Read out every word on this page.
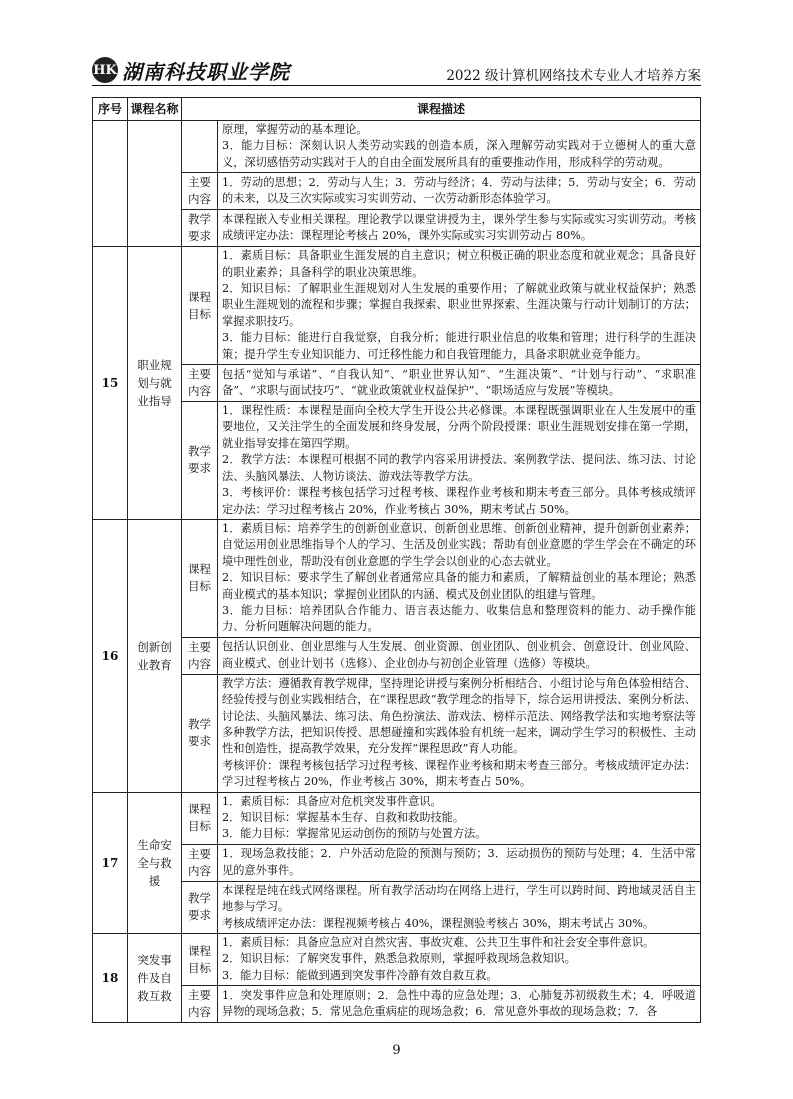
HK 湖南科技职业学院	2022 级计算机网络技术专业人才培养方案
序号	课程名称	课程描述	

			原理，掌握劳动的基本理论。

3．能力目标：深刻认识人类劳动实践的创造本质，深入理解劳动实践对于立德树人的重大意义，深切感悟劳动实践对于人的自由全面发展所具有的重要推动作用，形成科学的劳动观。

		主要内容	1．劳动的思想；2．劳动与人生；3．劳动与经济；4．劳动与法律；5．劳动与安全；6．劳动的未来，以及三次实际或实习实训劳动、一次劳动新形态体验学习。

		教学要求	本课程嵌入专业相关课程。理论教学以课堂讲授为主，课外学生参与实际或实习实训劳动。考核成绩评定办法：课程理论考核占 20%，课外实际或实习实训劳动占 80%。

15	职业规划与就业指导	课程目标	1．素质目标：具备职业生涯发展的自主意识；树立积极正确的职业态度和就业观念；具备良好的职业素养；具备科学的职业决策思维。

2．知识目标：了解职业生涯规划对人生发展的重要作用；了解就业政策与就业权益保护；熟悉职业生涯规划的流程和步骤；掌握自我探索、职业世界探索、生涯决策与行动计划制订的方法；掌握求职技巧。

3．能力目标：能进行自我觉察，自我分析；能进行职业信息的收集和管理；进行科学的生涯决策；提升学生专业知识能力、可迁移性能力和自我管理能力，具备求职就业竞争能力。

		主要内容	包括“觉知与承诺”、“自我认知”、“职业世界认知”、“生涯决策”、“计划与行动”、“求职准备”、“求职与面试技巧”、“就业政策就业权益保护”、“职场适应与发展”等模块。

		教学要求	1．课程性质：本课程是面向全校大学生开设公共必修课。本课程既强调职业在人生发展中的重要地位，又关注学生的全面发展和终身发展，分两个阶段授课：职业生涯规划安排在第一学期，就业指导安排在第四学期。

2．教学方法：本课程可根据不同的教学内容采用讲授法、案例教学法、提问法、练习法、讨论法、头脑风暴法、人物访谈法、游戏法等教学方法。

3．考核评价：课程考核包括学习过程考核、课程作业考核和期末考查三部分。具体考核成绩评定办法：学习过程考核占 20%，作业考核占 30%，期末考试占 50%。

16	创新创业教育	课程目标	1．素质目标：培养学生的创新创业意识、创新创业思维、创新创业精神，提升创新创业素养；自觉运用创业思维指导个人的学习、生活及创业实践；帮助有创业意愿的学生学会在不确定的环境中理性创业，帮助没有创业意愿的学生学会以创业的心态去就业。

2．知识目标：要求学生了解创业者通常应具备的能力和素质，了解精益创业的基本理论；熟悉商业模式的基本知识；掌握创业团队的内涵、模式及创业团队的组建与管理。

3．能力目标：培养团队合作能力、语言表达能力、收集信息和整理资料的能力、动手操作能力、分析问题解决问题的能力。

		主要内容	包括认识创业、创业思维与人生发展、创业资源、创业团队、创业机会、创意设计、创业风险、商业模式、创业计划书（选修）、企业创办与初创企业管理（选修）等模块。

		教学要求	教学方法：遵循教育教学规律，坚持理论讲授与案例分析相结合、小组讨论与角色体验相结合、经验传授与创业实践相结合，在“课程思政”教学理念的指导下，综合运用讲授法、案例分析法、讨论法、头脑风暴法、练习法、角色扮演法、游戏法、榜样示范法、网络教学法和实地考察法等多种教学方法，把知识传授、思想碰撞和实践体验有机统一起来，调动学生学习的积极性、主动性和创造性，提高教学效果，充分发挥“课程思政”育人功能。

考核评价：课程考核包括学习过程考核、课程作业考核和期末考查三部分。考核成绩评定办法：学习过程考核占 20%，作业考核占 30%，期末考查占 50%。

17	生命安全与救援	课程目标	1．素质目标：具备应对危机突发事件意识。

2．知识目标：掌握基本生存、自救和救助技能。

3．能力目标：掌握常见运动创伤的预防与处置方法。

		主要内容	1．现场急救技能；2．户外活动危险的预测与预防；3．运动损伤的预防与处理；4．生活中常见的意外事件。

		教学要求	本课程是纯在线式网络课程。所有教学活动均在网络上进行，学生可以跨时间、跨地域灵活自主地参与学习。

考核成绩评定办法：课程视频考核占 40%，课程测验考核占 30%，期末考试占 30%。

18	突发事件及自救互救	课程目标	1．素质目标：具备应急应对自然灾害、事故灾难、公共卫生事件和社会安全事件意识。

2．知识目标：了解突发事件，熟悉急救原则，掌握呼救现场急救知识。

3．能力目标：能做到遇到突发事件冷静有效自救互救。

		主要内容	1．突发事件应急和处理原则；2．急性中毒的应急处理；3．心肺复苏初级救生术；4．呼吸道异物的现场急救；5．常见急危重病症的现场急救；6．常见意外事故的现场急救；7．各

9
